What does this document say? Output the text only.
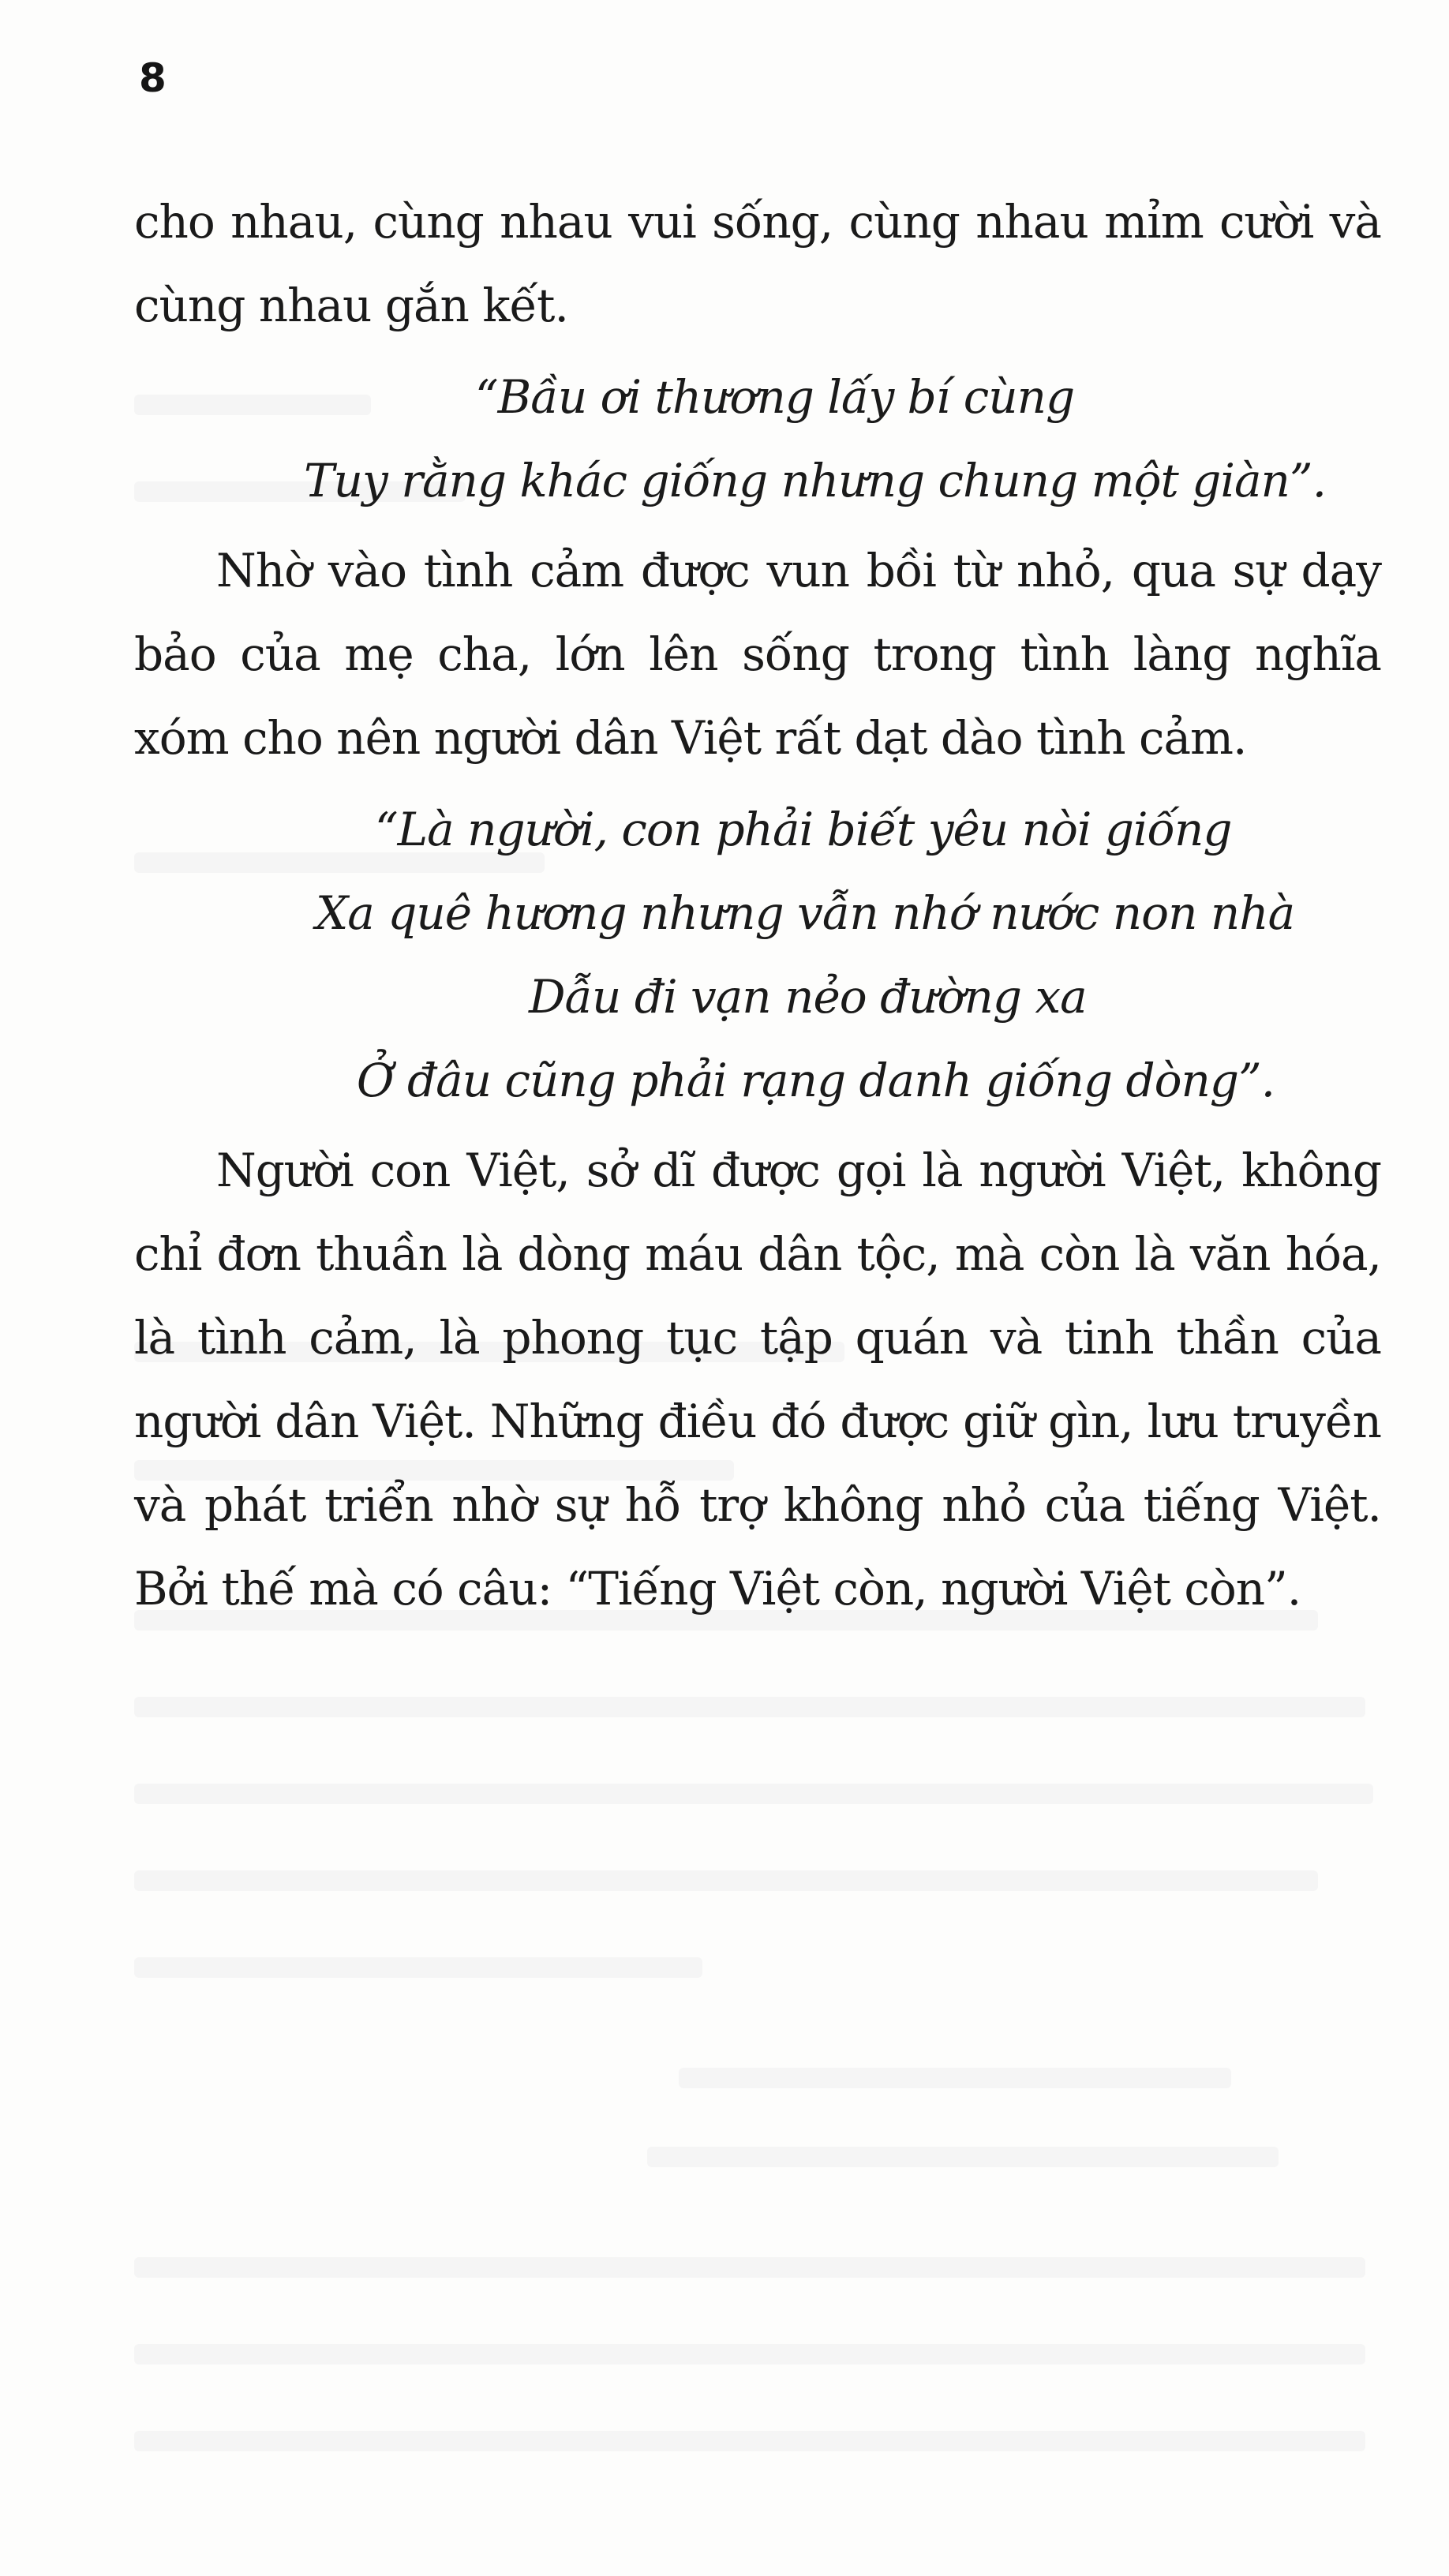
8

cho nhau, cùng nhau vui sống, cùng nhau mỉm cười và cùng nhau gắn kết.

“Bầu ơi thương lấy bí cùng
Tuy rằng khác giống nhưng chung một giàn”.

Nhờ vào tình cảm được vun bồi từ nhỏ, qua sự dạy bảo của mẹ cha, lớn lên sống trong tình làng nghĩa xóm cho nên người dân Việt rất dạt dào tình cảm.

“Là người, con phải biết yêu nòi giống
Xa quê hương nhưng vẫn nhớ nước non nhà
Dẫu đi vạn nẻo đường xa
Ở đâu cũng phải rạng danh giống dòng”.

Người con Việt, sở dĩ được gọi là người Việt, không chỉ đơn thuần là dòng máu dân tộc, mà còn là văn hóa, là tình cảm, là phong tục tập quán và tinh thần của người dân Việt. Những điều đó được giữ gìn, lưu truyền và phát triển nhờ sự hỗ trợ không nhỏ của tiếng Việt. Bởi thế mà có câu: “Tiếng Việt còn, người Việt còn”.
